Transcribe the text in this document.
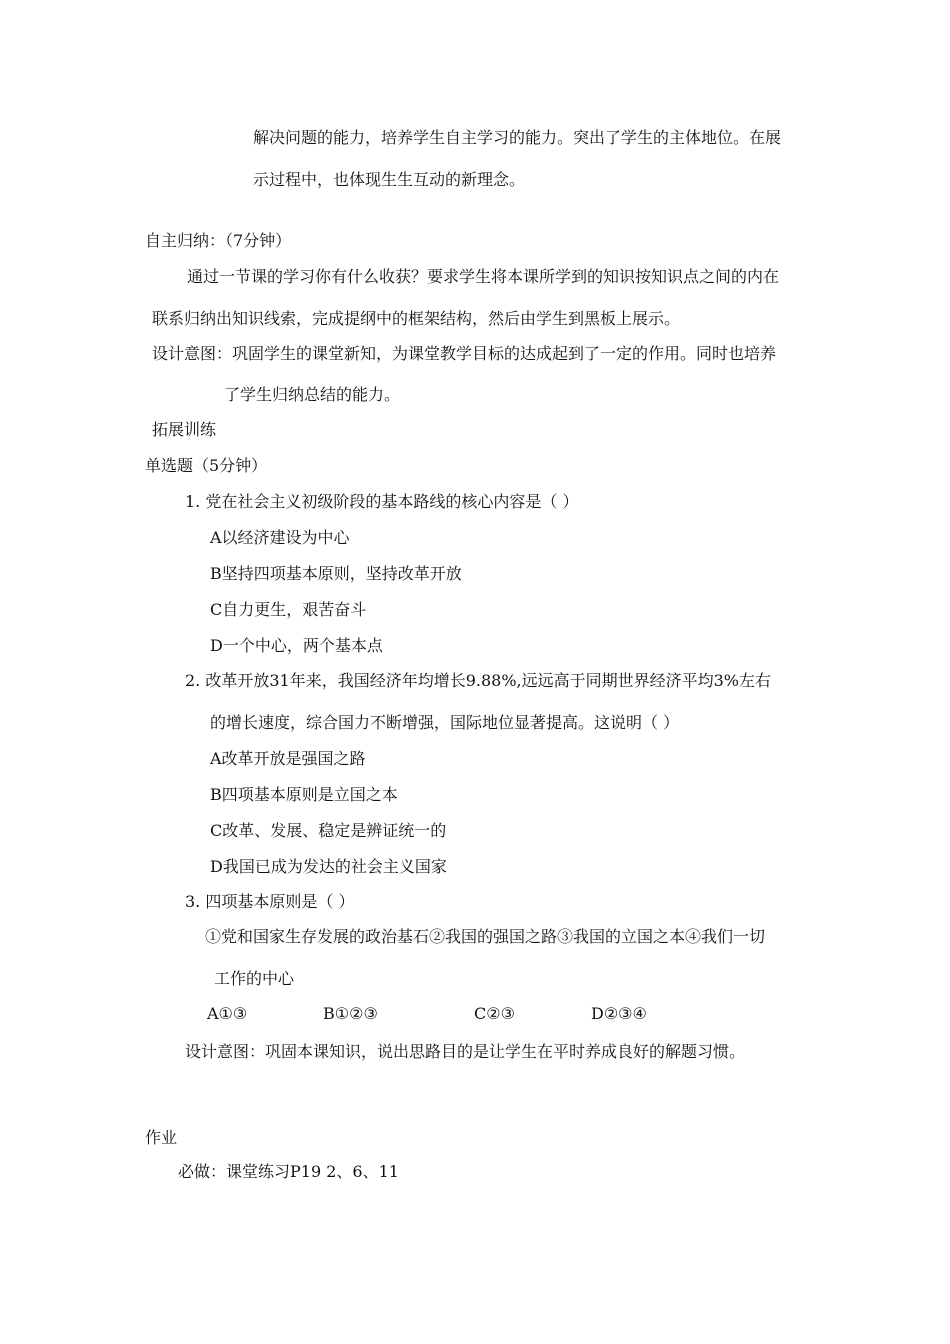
解决问题的能力，培养学生自主学习的能力。突出了学生的主体地位。在展
示过程中，也体现生生互动的新理念。
自主归纳：（7分钟）
通过一节课的学习你有什么收获？要求学生将本课所学到的知识按知识点之间的内在
联系归纳出知识线索，完成提纲中的框架结构，然后由学生到黑板上展示。
设计意图：巩固学生的课堂新知，为课堂教学目标的达成起到了一定的作用。同时也培养
了学生归纳总结的能力。
拓展训练
单选题（5分钟）
1. 党在社会主义初级阶段的基本路线的核心内容是（ ）
A以经济建设为中心
B坚持四项基本原则，坚持改革开放
C自力更生，艰苦奋斗
D一个中心，两个基本点
2. 改革开放31年来，我国经济年均增长9.88%,远远高于同期世界经济平均3%左右
的增长速度，综合国力不断增强，国际地位显著提高。这说明（ ）
A改革开放是强国之路
B四项基本原则是立国之本
C改革、发展、稳定是辨证统一的
D我国已成为发达的社会主义国家
3. 四项基本原则是（ ）
①党和国家生存发展的政治基石②我国的强国之路③我国的立国之本④我们一切
工作的中心
A①③	B①②③	C②③	D②③④
设计意图：巩固本课知识，说出思路目的是让学生在平时养成良好的解题习惯。
作业
必做：课堂练习P19 2、6、11
